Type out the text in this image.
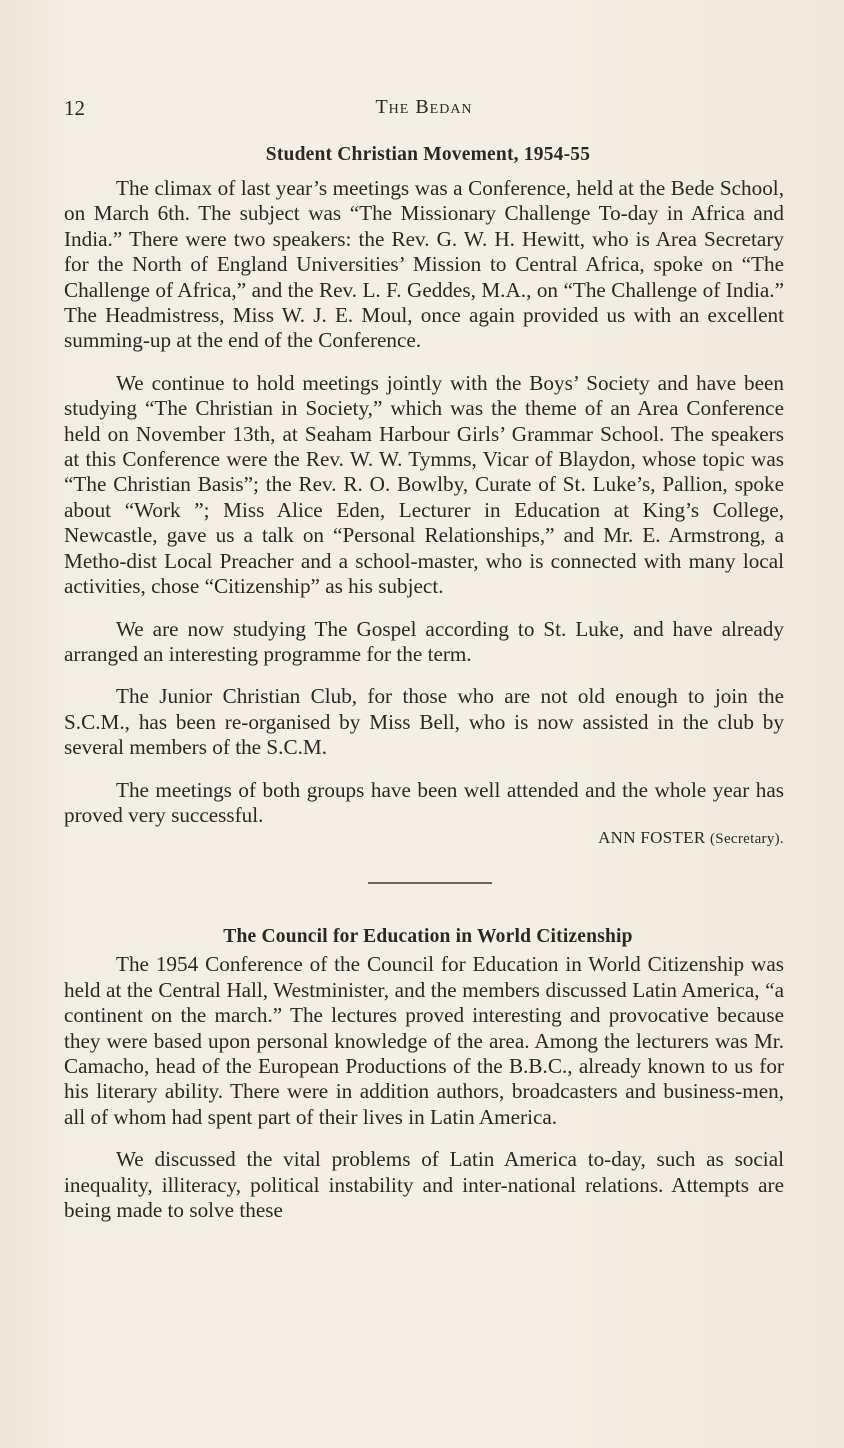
12	The Bedan
Student Christian Movement, 1954-55

The climax of last year’s meetings was a Conference, held at the Bede School, on March 6th. The subject was “The Missionary Challenge To-day in Africa and India.” There were two speakers: the Rev. G. W. H. Hewitt, who is Area Secretary for the North of England Universities’ Mission to Central Africa, spoke on “The Challenge of Africa,” and the Rev. L. F. Geddes, M.A., on “The Challenge of India.” The Headmistress, Miss W. J. E. Moul, once again provided us with an excellent summing-up at the end of the Conference.

We continue to hold meetings jointly with the Boys’ Society and have been studying “The Christian in Society,” which was the theme of an Area Conference held on November 13th, at Seaham Harbour Girls’ Grammar School. The speakers at this Conference were the Rev. W. W. Tymms, Vicar of Blaydon, whose topic was “The Christian Basis”; the Rev. R. O. Bowlby, Curate of St. Luke’s, Pallion, spoke about “Work ”; Miss Alice Eden, Lecturer in Education at King’s College, Newcastle, gave us a talk on “Personal Relationships,” and Mr. E. Armstrong, a Metho-dist Local Preacher and a school-master, who is connected with many local activities, chose “Citizenship” as his subject.

We are now studying The Gospel according to St. Luke, and have already arranged an interesting programme for the term.

The Junior Christian Club, for those who are not old enough to join the S.C.M., has been re-organised by Miss Bell, who is now assisted in the club by several members of the S.C.M.

The meetings of both groups have been well attended and the whole year has proved very successful.

ANN FOSTER (Secretary).
The Council for Education in World Citizenship

The 1954 Conference of the Council for Education in World Citizenship was held at the Central Hall, Westminister, and the members discussed Latin America, “a continent on the march.” The lectures proved interesting and provocative because they were based upon personal knowledge of the area. Among the lecturers was Mr. Camacho, head of the European Productions of the B.B.C., already known to us for his literary ability. There were in addition authors, broadcasters and business-men, all of whom had spent part of their lives in Latin America.

We discussed the vital problems of Latin America to-day, such as social inequality, illiteracy, political instability and inter-national relations. Attempts are being made to solve these
